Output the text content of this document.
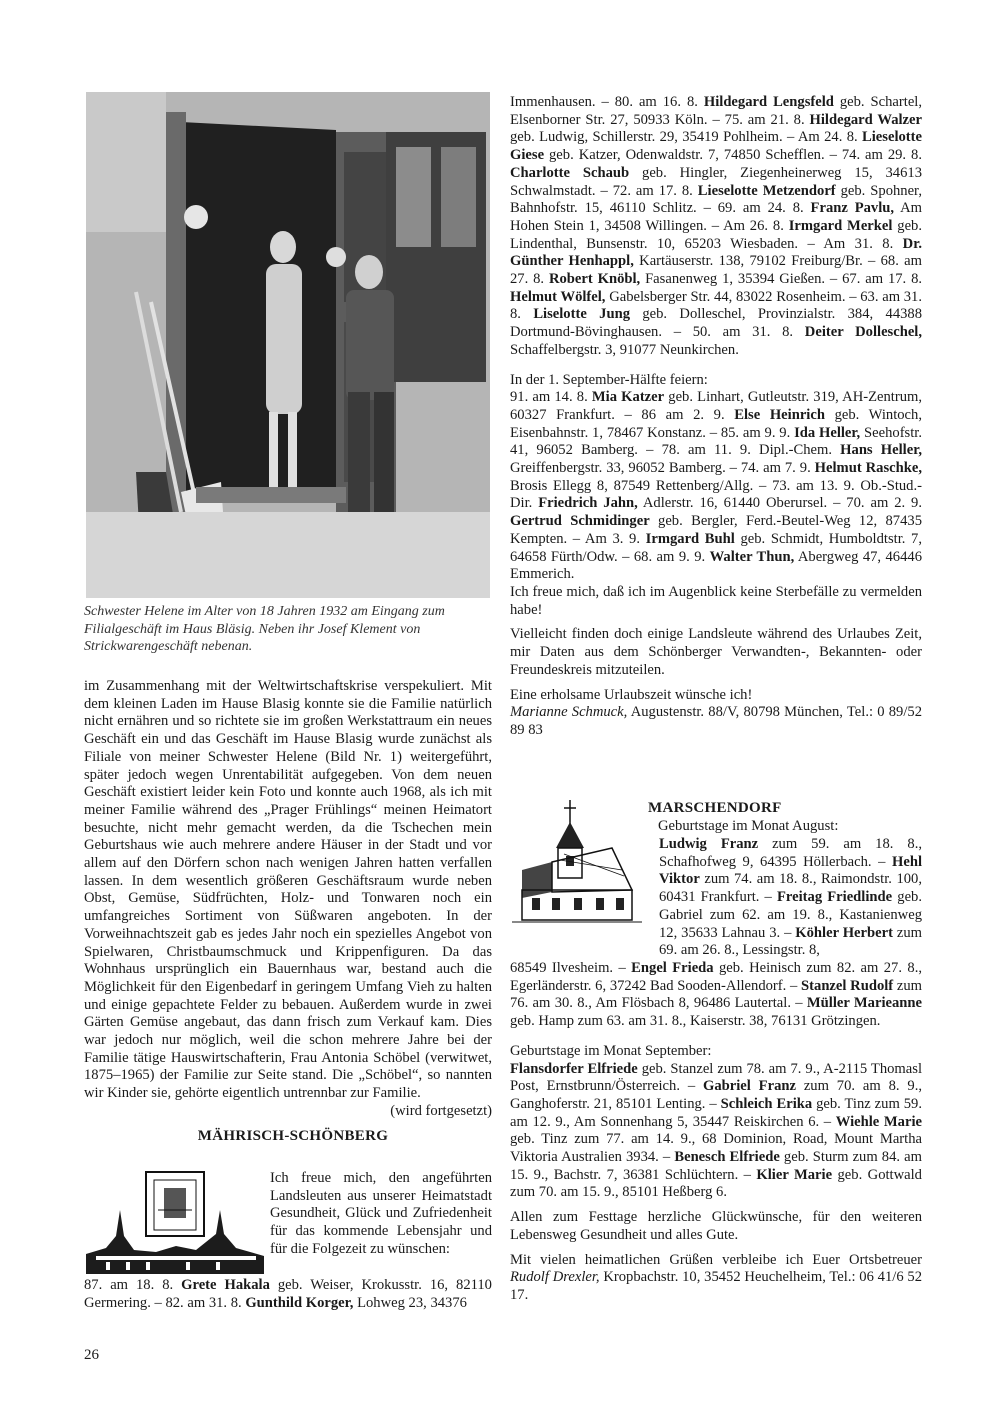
Schwester Helene im Alter von 18 Jahren 1932 am Eingang zum Filialgeschäft im Haus Bläsig. Neben ihr Josef Klement von Strickwarengeschäft nebenan.

im Zusammenhang mit der Weltwirtschaftskrise verspekuliert. Mit dem kleinen Laden im Hause Blasig konnte sie die Familie natürlich nicht ernähren und so richtete sie im großen Werkstattraum ein neues Geschäft ein und das Geschäft im Hause Blasig wurde zunächst als Filiale von meiner Schwester Helene (Bild Nr. 1) weitergeführt, später jedoch wegen Unrentabilität aufgegeben. Von dem neuen Geschäft existiert leider kein Foto und konnte auch 1968, als ich mit meiner Familie während des „Prager Frühlings“ meinen Heimatort besuchte, nicht mehr gemacht werden, da die Tschechen mein Geburtshaus wie auch mehrere andere Häuser in der Stadt und vor allem auf den Dörfern schon nach wenigen Jahren hatten verfallen lassen. In dem wesentlich größeren Geschäftsraum wurde neben Obst, Gemüse, Südfrüchten, Holz- und Tonwaren noch ein umfangreiches Sortiment von Süßwaren angeboten. In der Vorweihnachtszeit gab es jedes Jahr noch ein spezielles Angebot von Spielwaren, Christbaumschmuck und Krippenfiguren. Da das Wohnhaus ursprünglich ein Bauernhaus war, bestand auch die Möglichkeit für den Eigenbedarf in geringem Umfang Vieh zu halten und einige gepachtete Felder zu bebauen. Außerdem wurde in zwei Gärten Gemüse angebaut, das dann frisch zum Verkauf kam. Dies war jedoch nur möglich, weil die schon mehrere Jahre bei der Familie tätige Hauswirtschafterin, Frau Antonia Schöbel (verwitwet, 1875–1965) der Familie zur Seite stand. Die „Schöbel“, so nannten wir Kinder sie, gehörte eigentlich untrennbar zur Familie.

(wird fortgesetzt)

MÄHRISCH-SCHÖNBERG

Ich freue mich, den angeführten Landsleuten aus unserer Heimatstadt Gesundheit, Glück und Zufriedenheit für das kommende Lebensjahr und für die Folgezeit zu wünschen:

87. am 18. 8. Grete Hakala geb. Weiser, Krokusstr. 16, 82110 Germering. – 82. am 31. 8. Gunthild Korger, Lohweg 23, 34376

26

Immenhausen. – 80. am 16. 8. Hildegard Lengsfeld geb. Schartel, Elsenborner Str. 27, 50933 Köln. – 75. am 21. 8. Hildegard Walzer geb. Ludwig, Schillerstr. 29, 35419 Pohlheim. – Am 24. 8. Lieselotte Giese geb. Katzer, Odenwaldstr. 7, 74850 Schefflen. – 74. am 29. 8. Charlotte Schaub geb. Hingler, Ziegenheinerweg 15, 34613 Schwalmstadt. – 72. am 17. 8. Lieselotte Metzendorf geb. Spohner, Bahnhofstr. 15, 46110 Schlitz. – 69. am 24. 8. Franz Pavlu, Am Hohen Stein 1, 34508 Willingen. – Am 26. 8. Irmgard Merkel geb. Lindenthal, Bunsenstr. 10, 65203 Wiesbaden. – Am 31. 8. Dr. Günther Henhappl, Kartäuserstr. 138, 79102 Freiburg/Br. – 68. am 27. 8. Robert Knöbl, Fasanenweg 1, 35394 Gießen. – 67. am 17. 8. Helmut Wölfel, Gabelsberger Str. 44, 83022 Rosenheim. – 63. am 31. 8. Liselotte Jung geb. Dolleschel, Provinzialstr. 384, 44388 Dortmund-Bövinghausen. – 50. am 31. 8. Deiter Dolleschel, Schaffelbergstr. 3, 91077 Neunkirchen.

In der 1. September-Hälfte feiern:

91. am 14. 8. Mia Katzer geb. Linhart, Gutleutstr. 319, AH-Zentrum, 60327 Frankfurt. – 86 am 2. 9. Else Heinrich geb. Wintoch, Eisenbahnstr. 1, 78467 Konstanz. – 85. am 9. 9. Ida Heller, Seehofstr. 41, 96052 Bamberg. – 78. am 11. 9. Dipl.-Chem. Hans Heller, Greiffenbergstr. 33, 96052 Bamberg. – 74. am 7. 9. Helmut Raschke, Brosis Ellegg 8, 87549 Rettenberg/Allg. – 73. am 13. 9. Ob.-Stud.-Dir. Friedrich Jahn, Adlerstr. 16, 61440 Oberursel. – 70. am 2. 9. Gertrud Schmidinger geb. Bergler, Ferd.-Beutel-Weg 12, 87435 Kempten. – Am 3. 9. Irmgard Buhl geb. Schmidt, Humboldtstr. 7, 64658 Fürth/Odw. – 68. am 9. 9. Walter Thun, Abergweg 47, 46446 Emmerich.

Ich freue mich, daß ich im Augenblick keine Sterbefälle zu vermelden habe!

Vielleicht finden doch einige Landsleute während des Urlaubes Zeit, mir Daten aus dem Schönberger Verwandten-, Bekannten- oder Freundeskreis mitzuteilen.

Eine erholsame Urlaubszeit wünsche ich!

Marianne Schmuck, Augustenstr. 88/V, 80798 München, Tel.: 0 89/52 89 83

MARSCHENDORF

Geburtstage im Monat August:

Ludwig Franz zum 59. am 18. 8., Schafhofweg 9, 64395 Höllerbach. – Hehl Viktor zum 74. am 18. 8., Raimondstr. 100, 60431 Frankfurt. – Freitag Friedlinde geb. Gabriel zum 62. am 19. 8., Kastanienweg 12, 35633 Lahnau 3. – Köhler Herbert zum 69. am 26. 8., Lessingstr. 8,

68549 Ilvesheim. – Engel Frieda geb. Heinisch zum 82. am 27. 8., Egerländerstr. 6, 37242 Bad Sooden-Allendorf. – Stanzel Rudolf zum 76. am 30. 8., Am Flösbach 8, 96486 Lautertal. – Müller Marieanne geb. Hamp zum 63. am 31. 8., Kaiserstr. 38, 76131 Grötzingen.

Geburtstage im Monat September:

Flansdorfer Elfriede geb. Stanzel zum 78. am 7. 9., A-2115 Thomasl Post, Ernstbrunn/Österreich. – Gabriel Franz zum 70. am 8. 9., Ganghoferstr. 21, 85101 Lenting. – Schleich Erika geb. Tinz zum 59. am 12. 9., Am Sonnenhang 5, 35447 Reiskirchen 6. – Wiehle Marie geb. Tinz zum 77. am 14. 9., 68 Dominion, Road, Mount Martha Viktoria Australien 3934. – Benesch Elfriede geb. Sturm zum 84. am 15. 9., Bachstr. 7, 36381 Schlüchtern. – Klier Marie geb. Gottwald zum 70. am 15. 9., 85101 Heßberg 6.

Allen zum Festtage herzliche Glückwünsche, für den weiteren Lebensweg Gesundheit und alles Gute.

Mit vielen heimatlichen Grüßen verbleibe ich Euer Ortsbetreuer Rudolf Drexler, Kropbachstr. 10, 35452 Heuchelheim, Tel.: 06 41/6 52 17.
